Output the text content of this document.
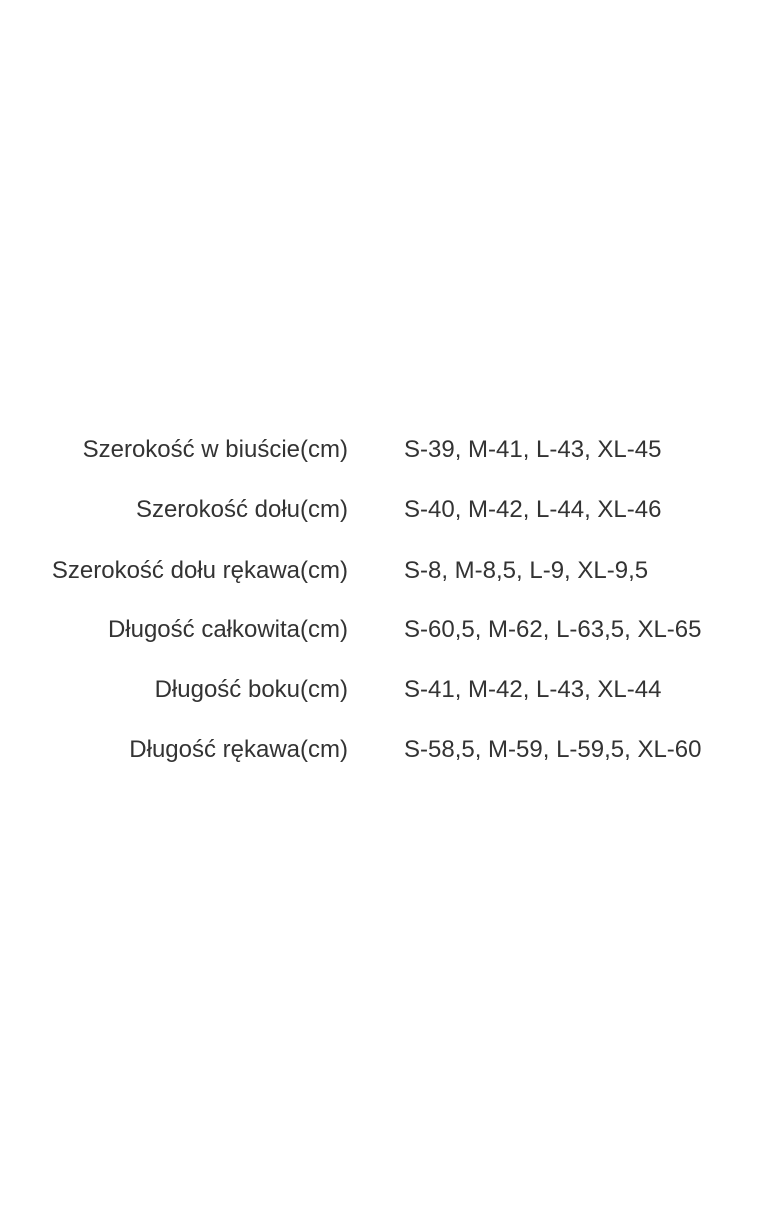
Szerokość w biuście(cm) S-39, M-41, L-43, XL-45
Szerokość dołu(cm) S-40, M-42, L-44, XL-46
Szerokość dołu rękawa(cm) S-8, M-8,5, L-9, XL-9,5
Długość całkowita(cm) S-60,5, M-62, L-63,5, XL-65
Długość boku(cm) S-41, M-42, L-43, XL-44
Długość rękawa(cm) S-58,5, M-59, L-59,5, XL-60
